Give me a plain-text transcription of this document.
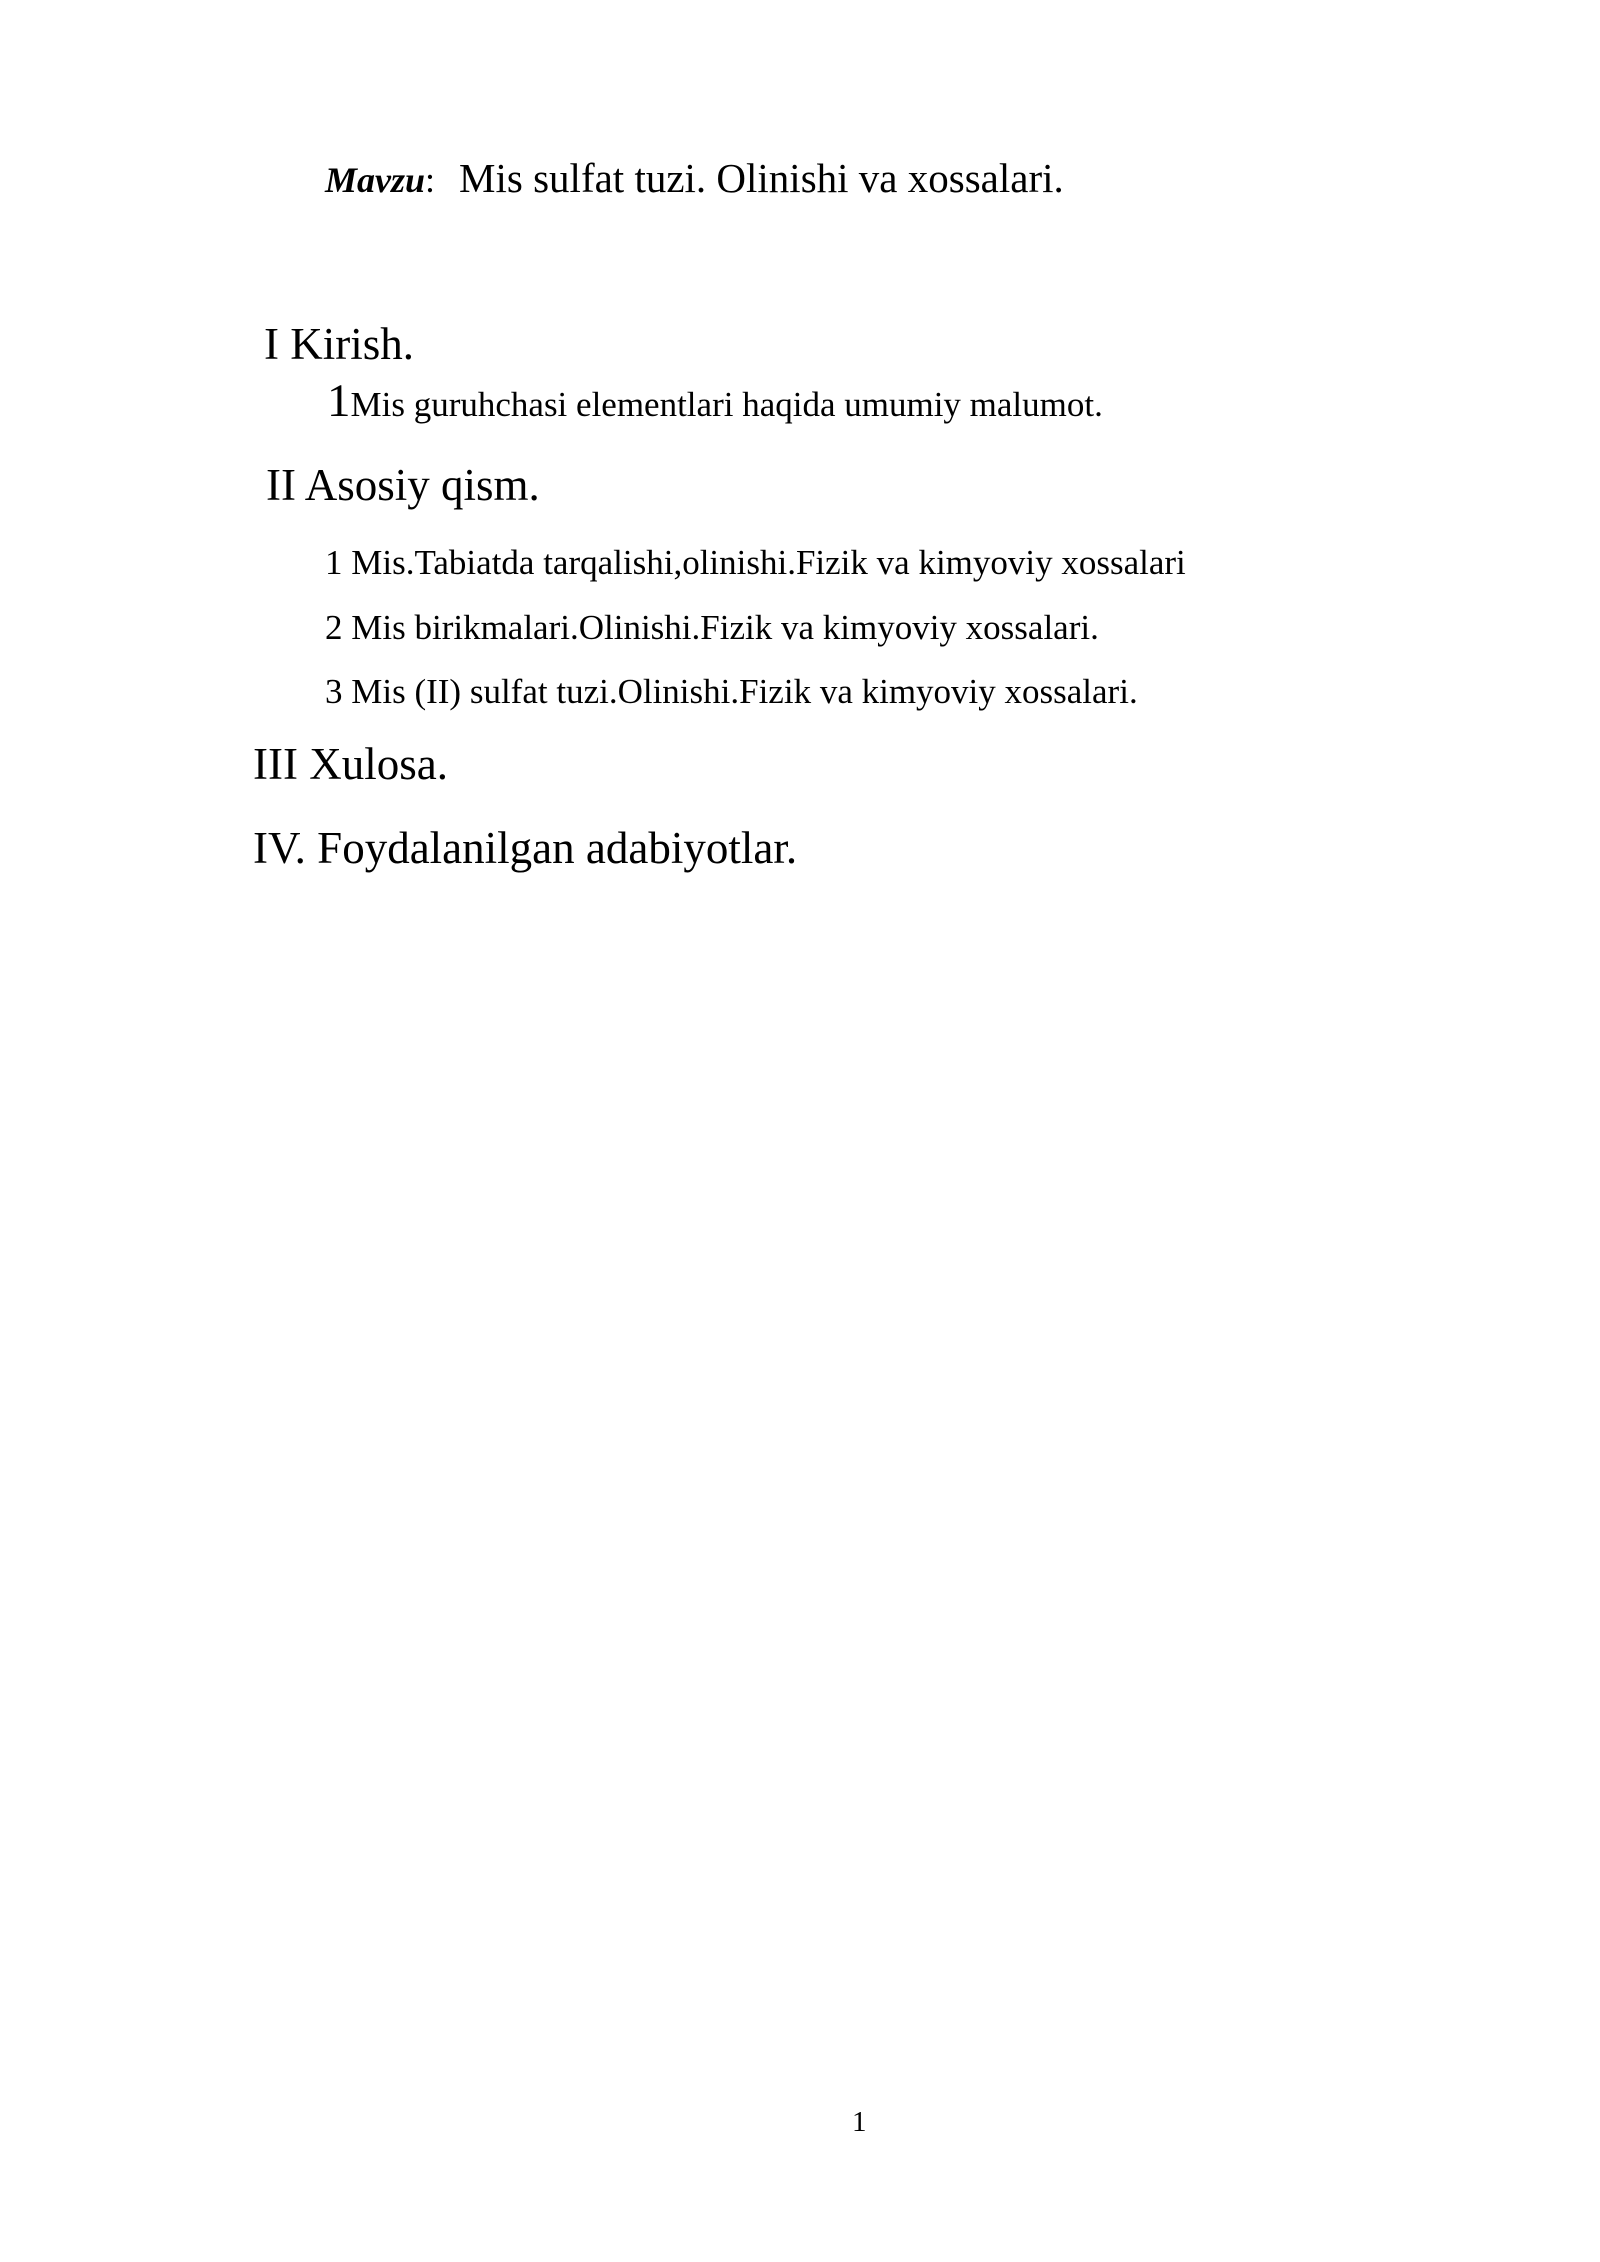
Mavzu: Mis sulfat tuzi. Olinishi va xossalari.
I Kirish.
1Mis guruhchasi elementlari haqida umumiy malumot.
II Asosiy qism.
1 Mis.Tabiatda tarqalishi,olinishi.Fizik va kimyoviy xossalari
2 Mis birikmalari.Olinishi.Fizik va kimyoviy xossalari.
3 Mis (II) sulfat tuzi.Olinishi.Fizik va kimyoviy xossalari.
III Xulosa.
IV. Foydalanilgan adabiyotlar.
1
